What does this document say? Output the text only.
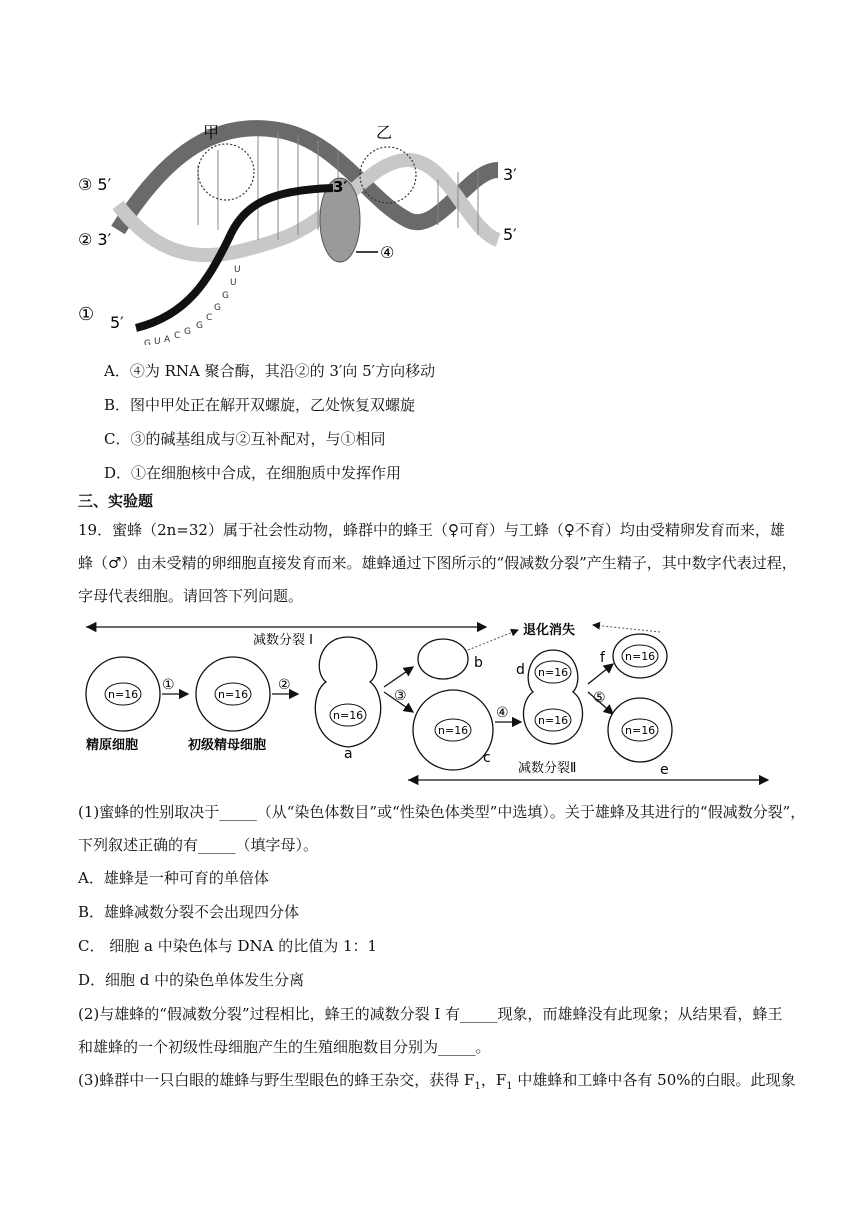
④
甲	乙
③ 5′
② 3′
① 5′
3′
3′
5′
U
U
G
G
C
G
G
C
A
U
G
A．④为 RNA 聚合酶，其沿②的 3′向 5′方向移动
B．图中甲处正在解开双螺旋，乙处恢复双螺旋
C．③的碱基组成与②互补配对，与①相同
D．①在细胞核中合成，在细胞质中发挥作用
三、实验题
19．蜜蜂（2n=32）属于社会性动物，蜂群中的蜂王（♀可育）与工蜂（♀不育）均由受精卵发育而来，雄
蜂（♂）由未受精的卵细胞直接发育而来。雄蜂通过下图所示的“假减数分裂”产生精子，其中数字代表过程，
字母代表细胞。请回答下列问题。
减数分裂 I
n=16
精原细胞
①
n=16
初级精母细胞
②
n=16
a
③
b
退化消失
n=16
c
④
n=16
n=16
d
⑤
n=16
f
n=16
e
减数分裂Ⅱ
(1)蜜蜂的性别取决于_____（从“染色体数目”或“性染色体类型”中选填）。关于雄蜂及其进行的“假减数分裂”，
下列叙述正确的有_____（填字母）。
A．雄蜂是一种可育的单倍体
B．雄蜂减数分裂不会出现四分体
C． 细胞 a 中染色体与 DNA 的比值为 1：1
D．细胞 d 中的染色单体发生分离
(2)与雄蜂的“假减数分裂”过程相比，蜂王的减数分裂 I 有_____现象，而雄蜂没有此现象；从结果看，蜂王
和雄蜂的一个初级性母细胞产生的生殖细胞数目分别为_____。
(3)蜂群中一只白眼的雄蜂与野生型眼色的蜂王杂交，获得 $F_1$，$F_1$ 中雄蜂和工蜂中各有 50%的白眼。此现象
